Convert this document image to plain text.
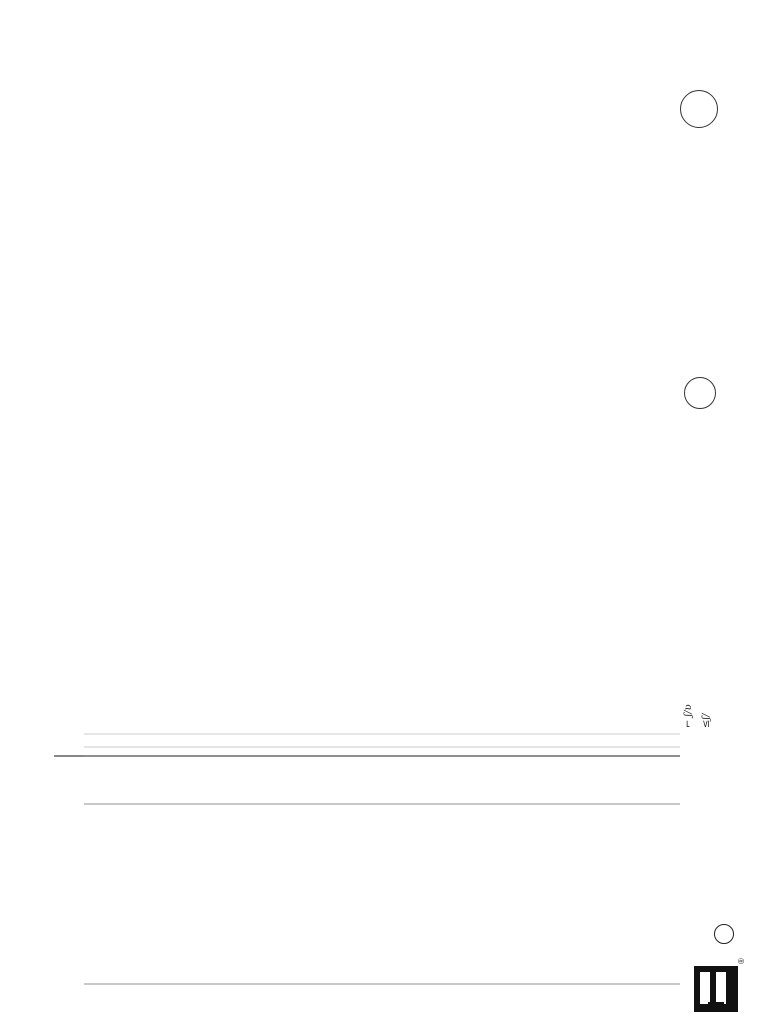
®
⌐ ʃ∕ʋ ≤ʃ∕
